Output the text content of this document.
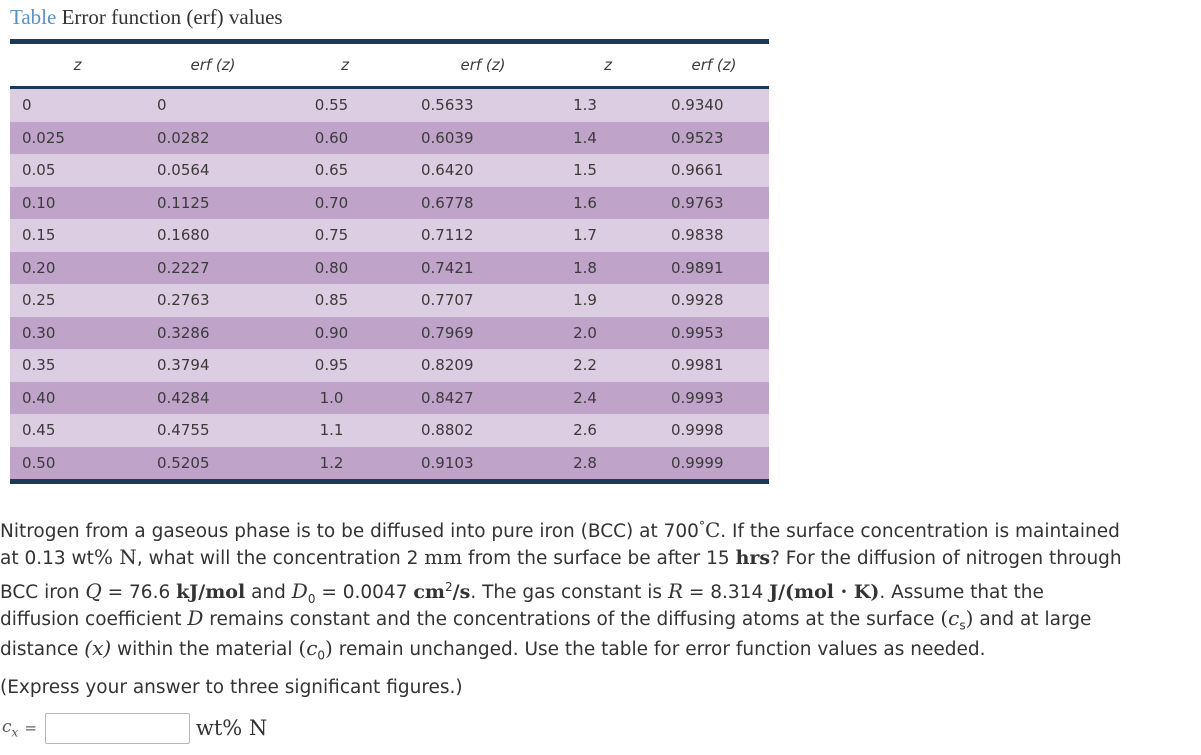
Table Error function (erf) values
z	erf (z)	z	erf (z)	z	erf (z)
0	0	0.55	0.5633	1.3	0.9340
0.025	0.0282	0.60	0.6039	1.4	0.9523
0.05	0.0564	0.65	0.6420	1.5	0.9661
0.10	0.1125	0.70	0.6778	1.6	0.9763
0.15	0.1680	0.75	0.7112	1.7	0.9838
0.20	0.2227	0.80	0.7421	1.8	0.9891
0.25	0.2763	0.85	0.7707	1.9	0.9928
0.30	0.3286	0.90	0.7969	2.0	0.9953
0.35	0.3794	0.95	0.8209	2.2	0.9981
0.40	0.4284	1.0	0.8427	2.4	0.9993
0.45	0.4755	1.1	0.8802	2.6	0.9998
0.50	0.5205	1.2	0.9103	2.8	0.9999
Nitrogen from a gaseous phase is to be diffused into pure iron (BCC) at 700°C. If the surface concentration is maintained
at 0.13 wt% N, what will the concentration 2 mm from the surface be after 15 hrs? For the diffusion of nitrogen through
BCC iron Q = 76.6 kJ/mol and $D_0 = 0.0047$ $cm^2/s$. The gas constant is R = 8.314 J/(mol · K). Assume that the
diffusion coefficient D remains constant and the concentrations of the diffusing atoms at the surface $(c_s)$ and at large
distance (x) within the material $(c_0)$ remain unchanged. Use the table for error function values as needed.
(Express your answer to three significant figures.)
$c_x$ =	wt% N
